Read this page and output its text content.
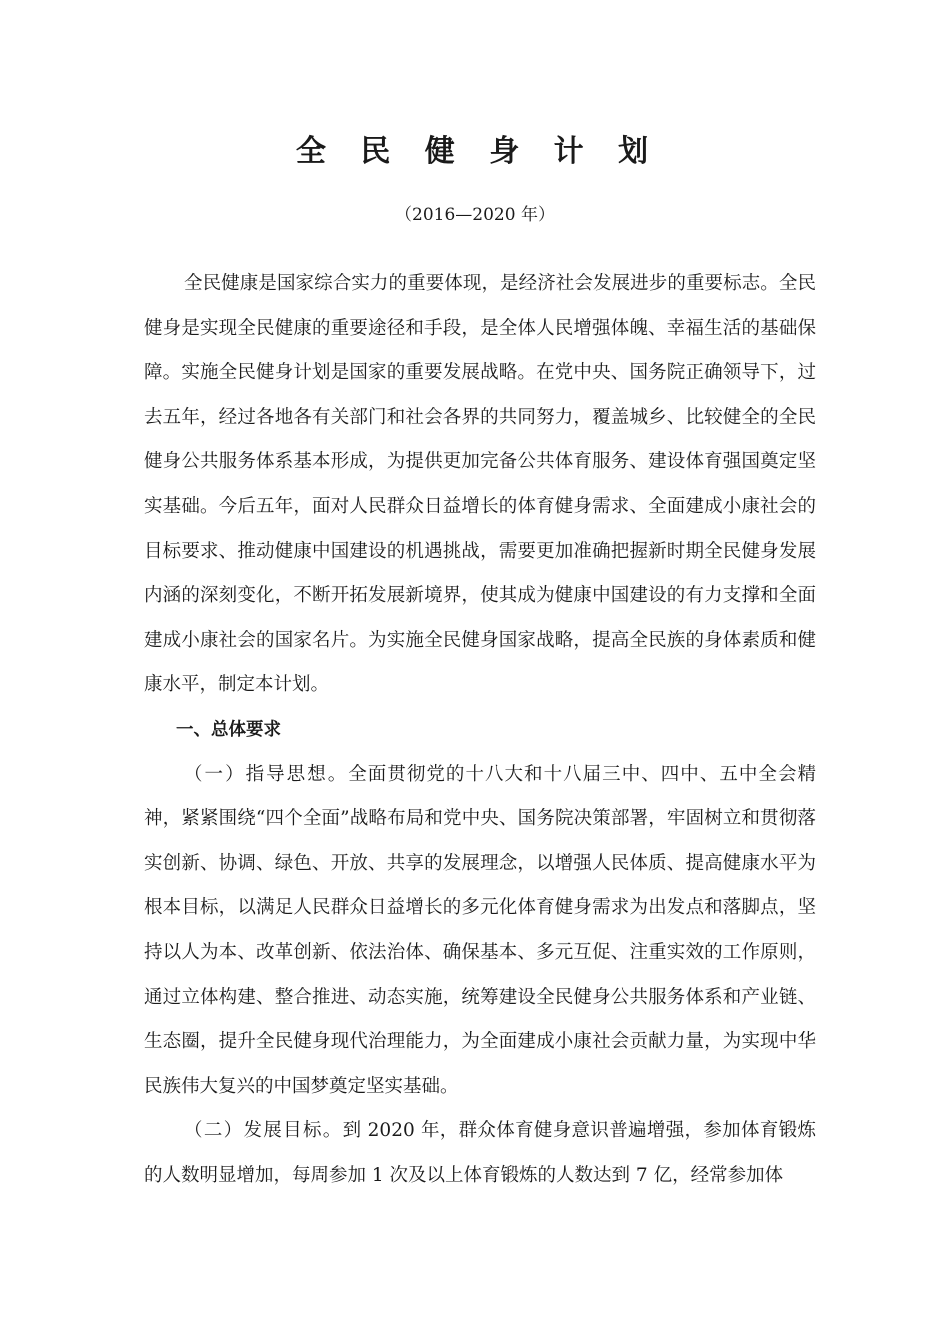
全 民 健 身 计 划
（2016—2020 年）

全民健康是国家综合实力的重要体现，是经济社会发展进步的重要标志。全民健身是实现全民健康的重要途径和手段，是全体人民增强体魄、幸福生活的基础保障。实施全民健身计划是国家的重要发展战略。在党中央、国务院正确领导下，过去五年，经过各地各有关部门和社会各界的共同努力，覆盖城乡、比较健全的全民健身公共服务体系基本形成，为提供更加完备公共体育服务、建设体育强国奠定坚实基础。今后五年，面对人民群众日益增长的体育健身需求、全面建成小康社会的目标要求、推动健康中国建设的机遇挑战，需要更加准确把握新时期全民健身发展内涵的深刻变化，不断开拓发展新境界，使其成为健康中国建设的有力支撑和全面建成小康社会的国家名片。为实施全民健身国家战略，提高全民族的身体素质和健康水平，制定本计划。

一、总体要求

（一）指导思想。全面贯彻党的十八大和十八届三中、四中、五中全会精神，紧紧围绕“四个全面”战略布局和党中央、国务院决策部署，牢固树立和贯彻落实创新、协调、绿色、开放、共享的发展理念，以增强人民体质、提高健康水平为根本目标，以满足人民群众日益增长的多元化体育健身需求为出发点和落脚点，坚持以人为本、改革创新、依法治体、确保基本、多元互促、注重实效的工作原则，通过立体构建、整合推进、动态实施，统筹建设全民健身公共服务体系和产业链、生态圈，提升全民健身现代治理能力，为全面建成小康社会贡献力量，为实现中华民族伟大复兴的中国梦奠定坚实基础。

（二）发展目标。到 2020 年，群众体育健身意识普遍增强，参加体育锻炼的人数明显增加，每周参加 1 次及以上体育锻炼的人数达到 7 亿，经常参加体
